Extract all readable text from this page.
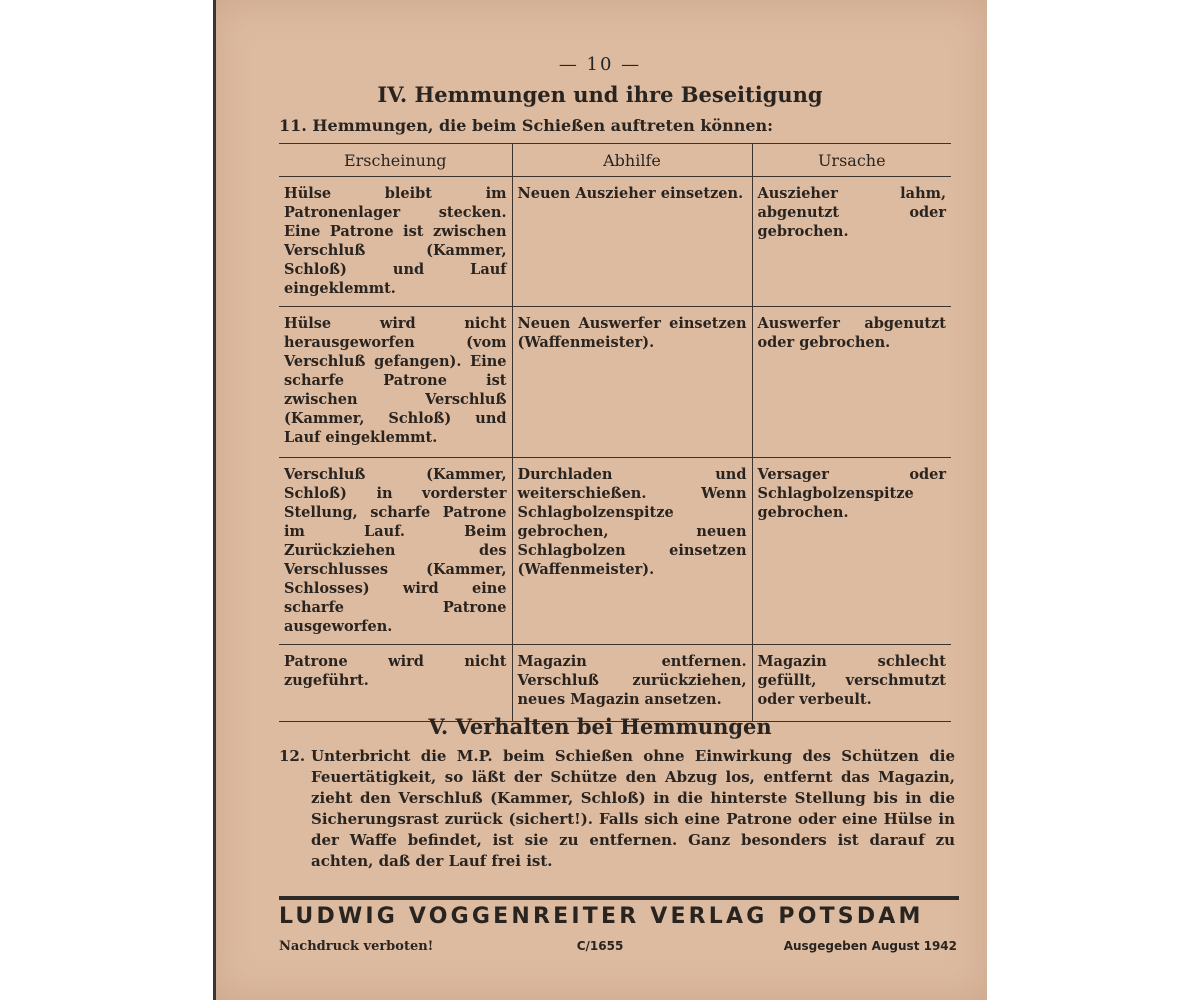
— 10 —
IV. Hemmungen und ihre Beseitigung
11. Hemmungen, die beim Schießen auftreten können:
Erscheinung	Abhilfe	Ursache
Hülse bleibt im Patronenlager stecken. Eine Patrone ist zwischen Verschluß (Kammer, Schloß) und Lauf eingeklemmt.	Neuen Auszieher einsetzen.	Auszieher lahm, abgenutzt oder gebrochen.
Hülse wird nicht herausgeworfen (vom Verschluß gefangen). Eine scharfe Patrone ist zwischen Verschluß (Kammer, Schloß) und Lauf eingeklemmt.	Neuen Auswerfer einsetzen (Waffenmeister).	Auswerfer abgenutzt oder gebrochen.
Verschluß (Kammer, Schloß) in vorderster Stellung, scharfe Patrone im Lauf. Beim Zurückziehen des Verschlusses (Kammer, Schlosses) wird eine scharfe Patrone ausgeworfen.	Durchladen und weiterschießen. Wenn Schlagbolzenspitze gebrochen, neuen Schlagbolzen einsetzen (Waffenmeister).	Versager oder Schlagbolzenspitze gebrochen.
Patrone wird nicht zugeführt.	Magazin entfernen. Verschluß zurückziehen, neues Magazin ansetzen.	Magazin schlecht gefüllt, verschmutzt oder verbeult.
V. Verhalten bei Hemmungen
12. Unterbricht die M.P. beim Schießen ohne Einwirkung des Schützen die Feuertätigkeit, so läßt der Schütze den Abzug los, entfernt das Magazin, zieht den Verschluß (Kammer, Schloß) in die hinterste Stellung bis in die Sicherungsrast zurück (sichert!). Falls sich eine Patrone oder eine Hülse in der Waffe befindet, ist sie zu entfernen. Ganz besonders ist darauf zu achten, daß der Lauf frei ist.
LUDWIG VOGGENREITER VERLAG POTSDAM
Nachdruck verboten!	C/1655	Ausgegeben August 1942
